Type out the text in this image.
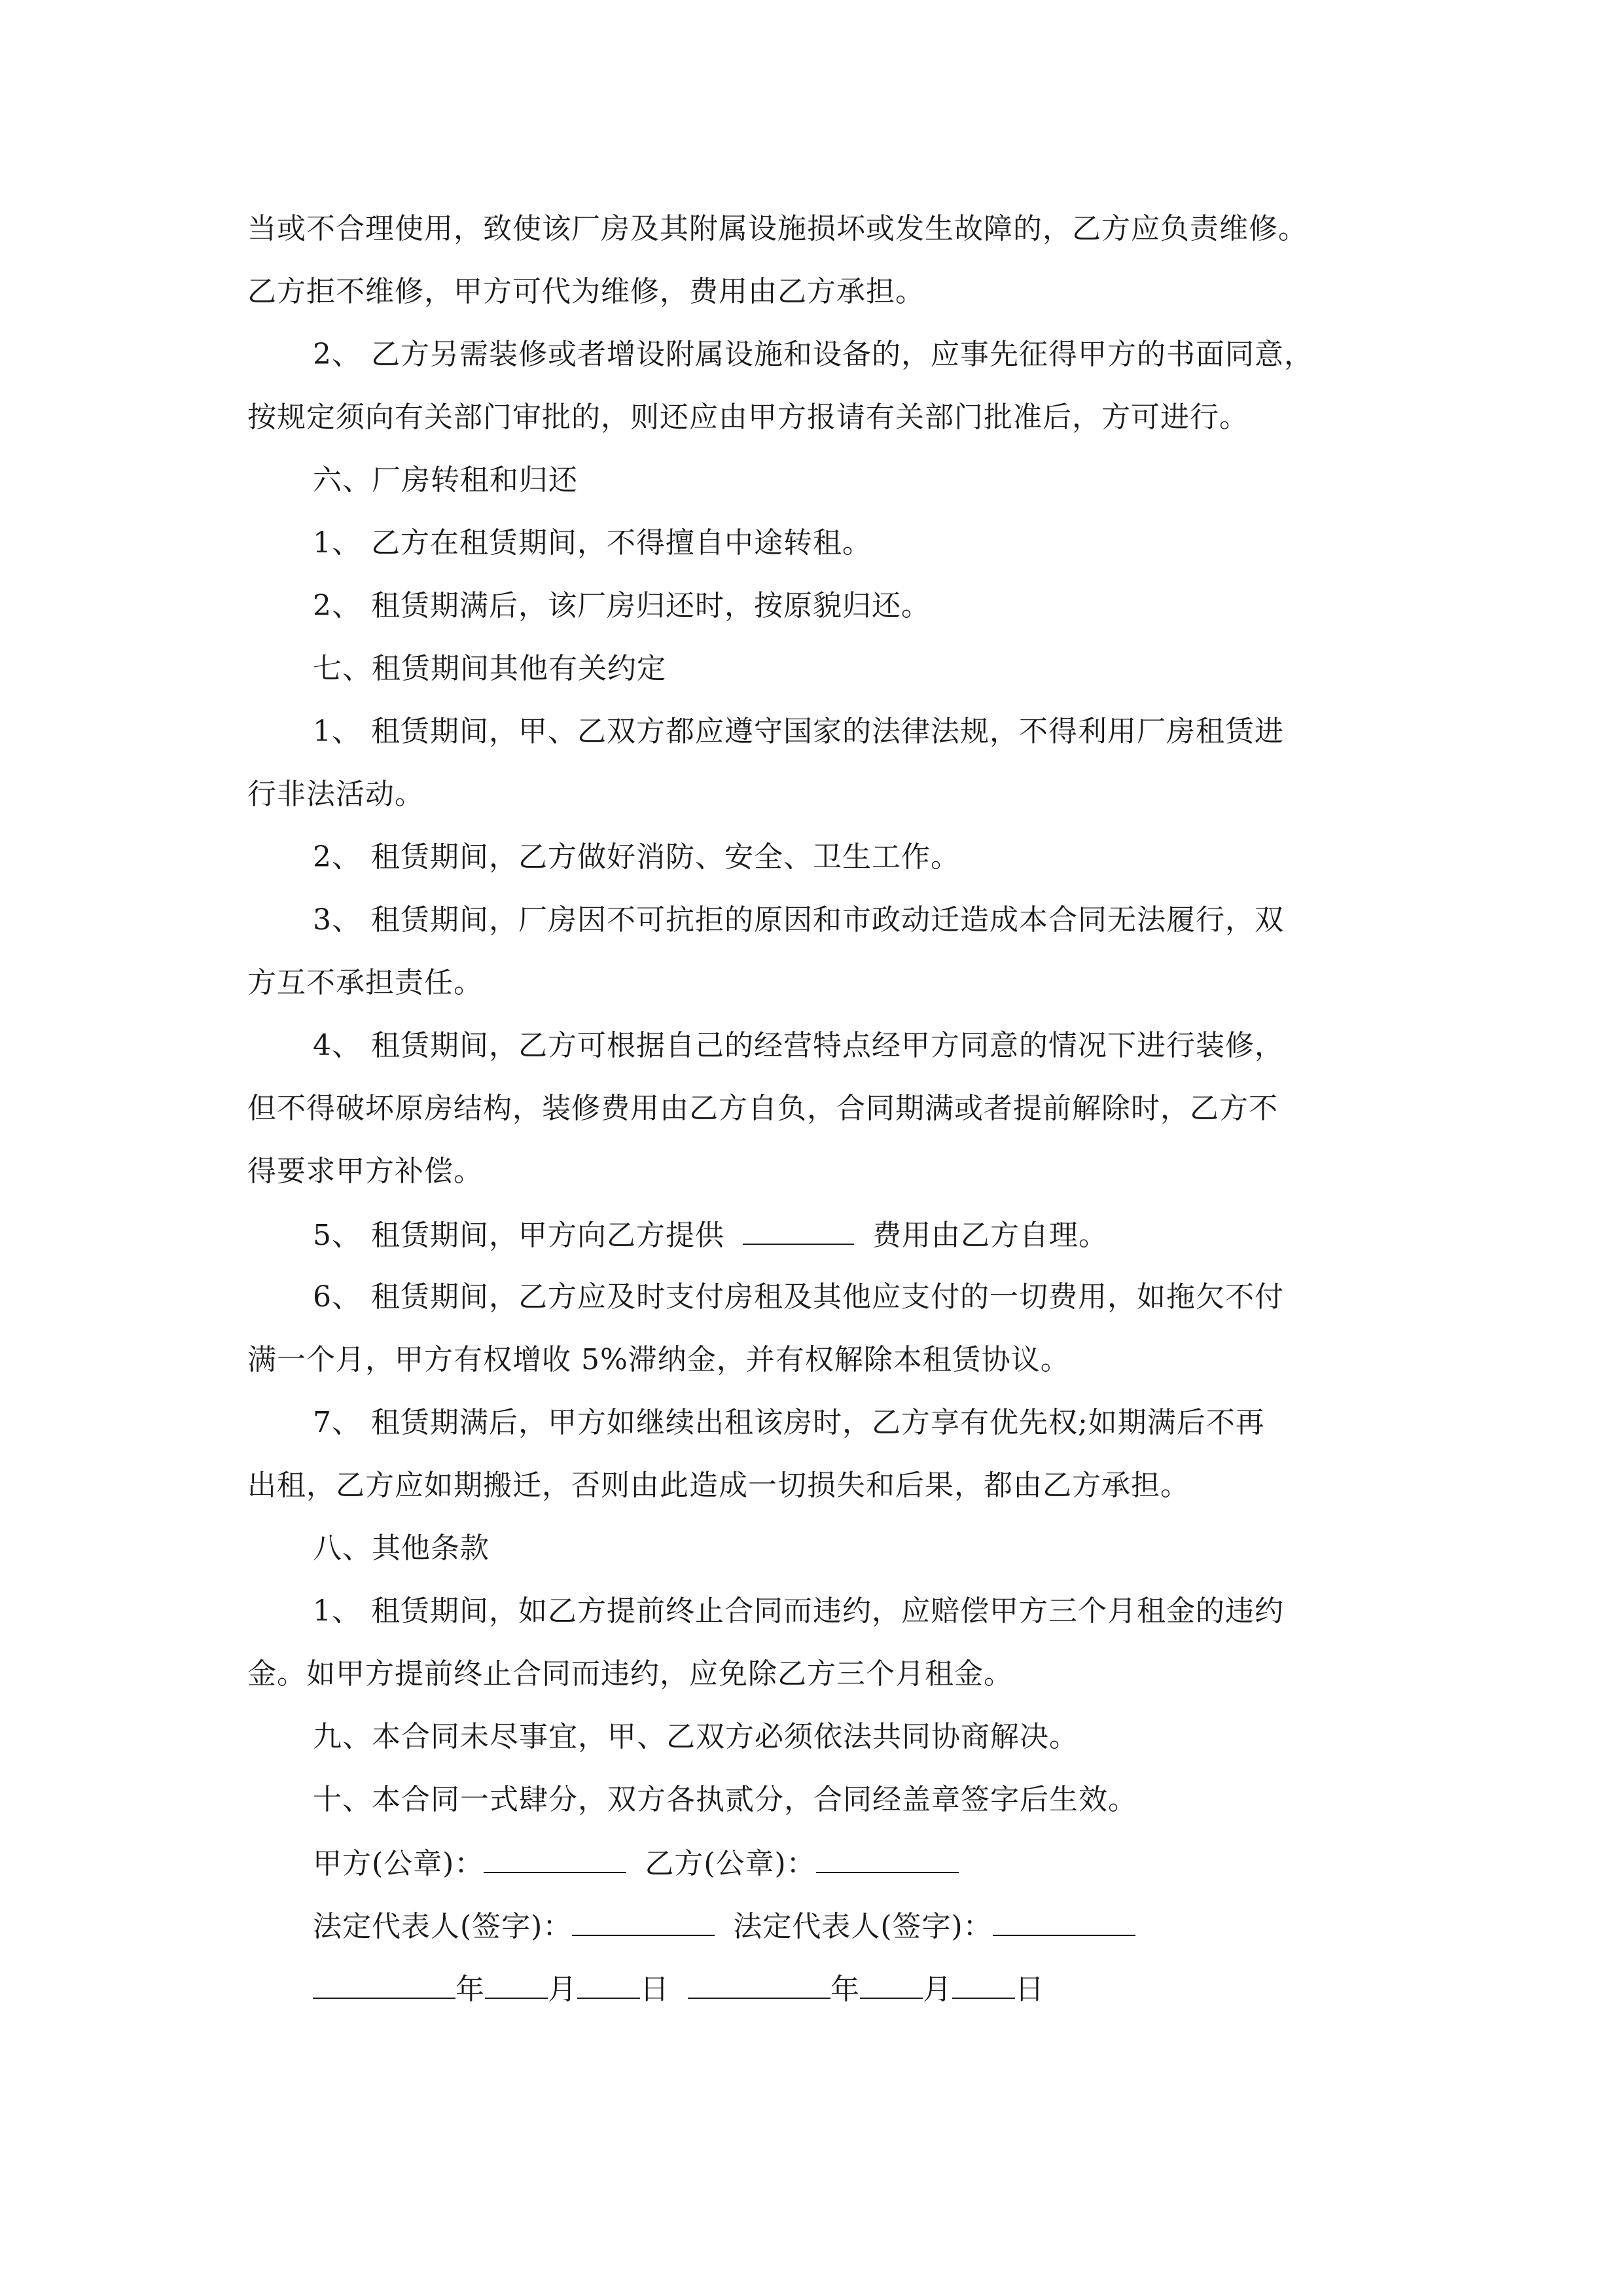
当或不合理使用，致使该厂房及其附属设施损坏或发生故障的，乙方应负责维修。
乙方拒不维修，甲方可代为维修，费用由乙方承担。
2、 乙方另需装修或者增设附属设施和设备的，应事先征得甲方的书面同意，
按规定须向有关部门审批的，则还应由甲方报请有关部门批准后，方可进行。
六、厂房转租和归还
1、 乙方在租赁期间，不得擅自中途转租。
2、 租赁期满后，该厂房归还时，按原貌归还。
七、租赁期间其他有关约定
1、 租赁期间，甲、乙双方都应遵守国家的法律法规，不得利用厂房租赁进
行非法活动。
2、 租赁期间，乙方做好消防、安全、卫生工作。
3、 租赁期间，厂房因不可抗拒的原因和市政动迁造成本合同无法履行，双
方互不承担责任。
4、 租赁期间，乙方可根据自己的经营特点经甲方同意的情况下进行装修，
但不得破坏原房结构，装修费用由乙方自负，合同期满或者提前解除时，乙方不
得要求甲方补偿。
5、 租赁期间，甲方向乙方提供	费用由乙方自理。
6、 租赁期间，乙方应及时支付房租及其他应支付的一切费用，如拖欠不付
满一个月，甲方有权增收 5%滞纳金，并有权解除本租赁协议。
7、 租赁期满后，甲方如继续出租该房时，乙方享有优先权;如期满后不再
出租，乙方应如期搬迁，否则由此造成一切损失和后果，都由乙方承担。
八、其他条款
1、 租赁期间，如乙方提前终止合同而违约，应赔偿甲方三个月租金的违约
金。如甲方提前终止合同而违约，应免除乙方三个月租金。
九、本合同未尽事宜，甲、乙双方必须依法共同协商解决。
十、本合同一式肆分，双方各执贰分，合同经盖章签字后生效。
甲方(公章)：	乙方(公章)：
法定代表人(签字)：	法定代表人(签字)：
年 月 日	年 月 日
